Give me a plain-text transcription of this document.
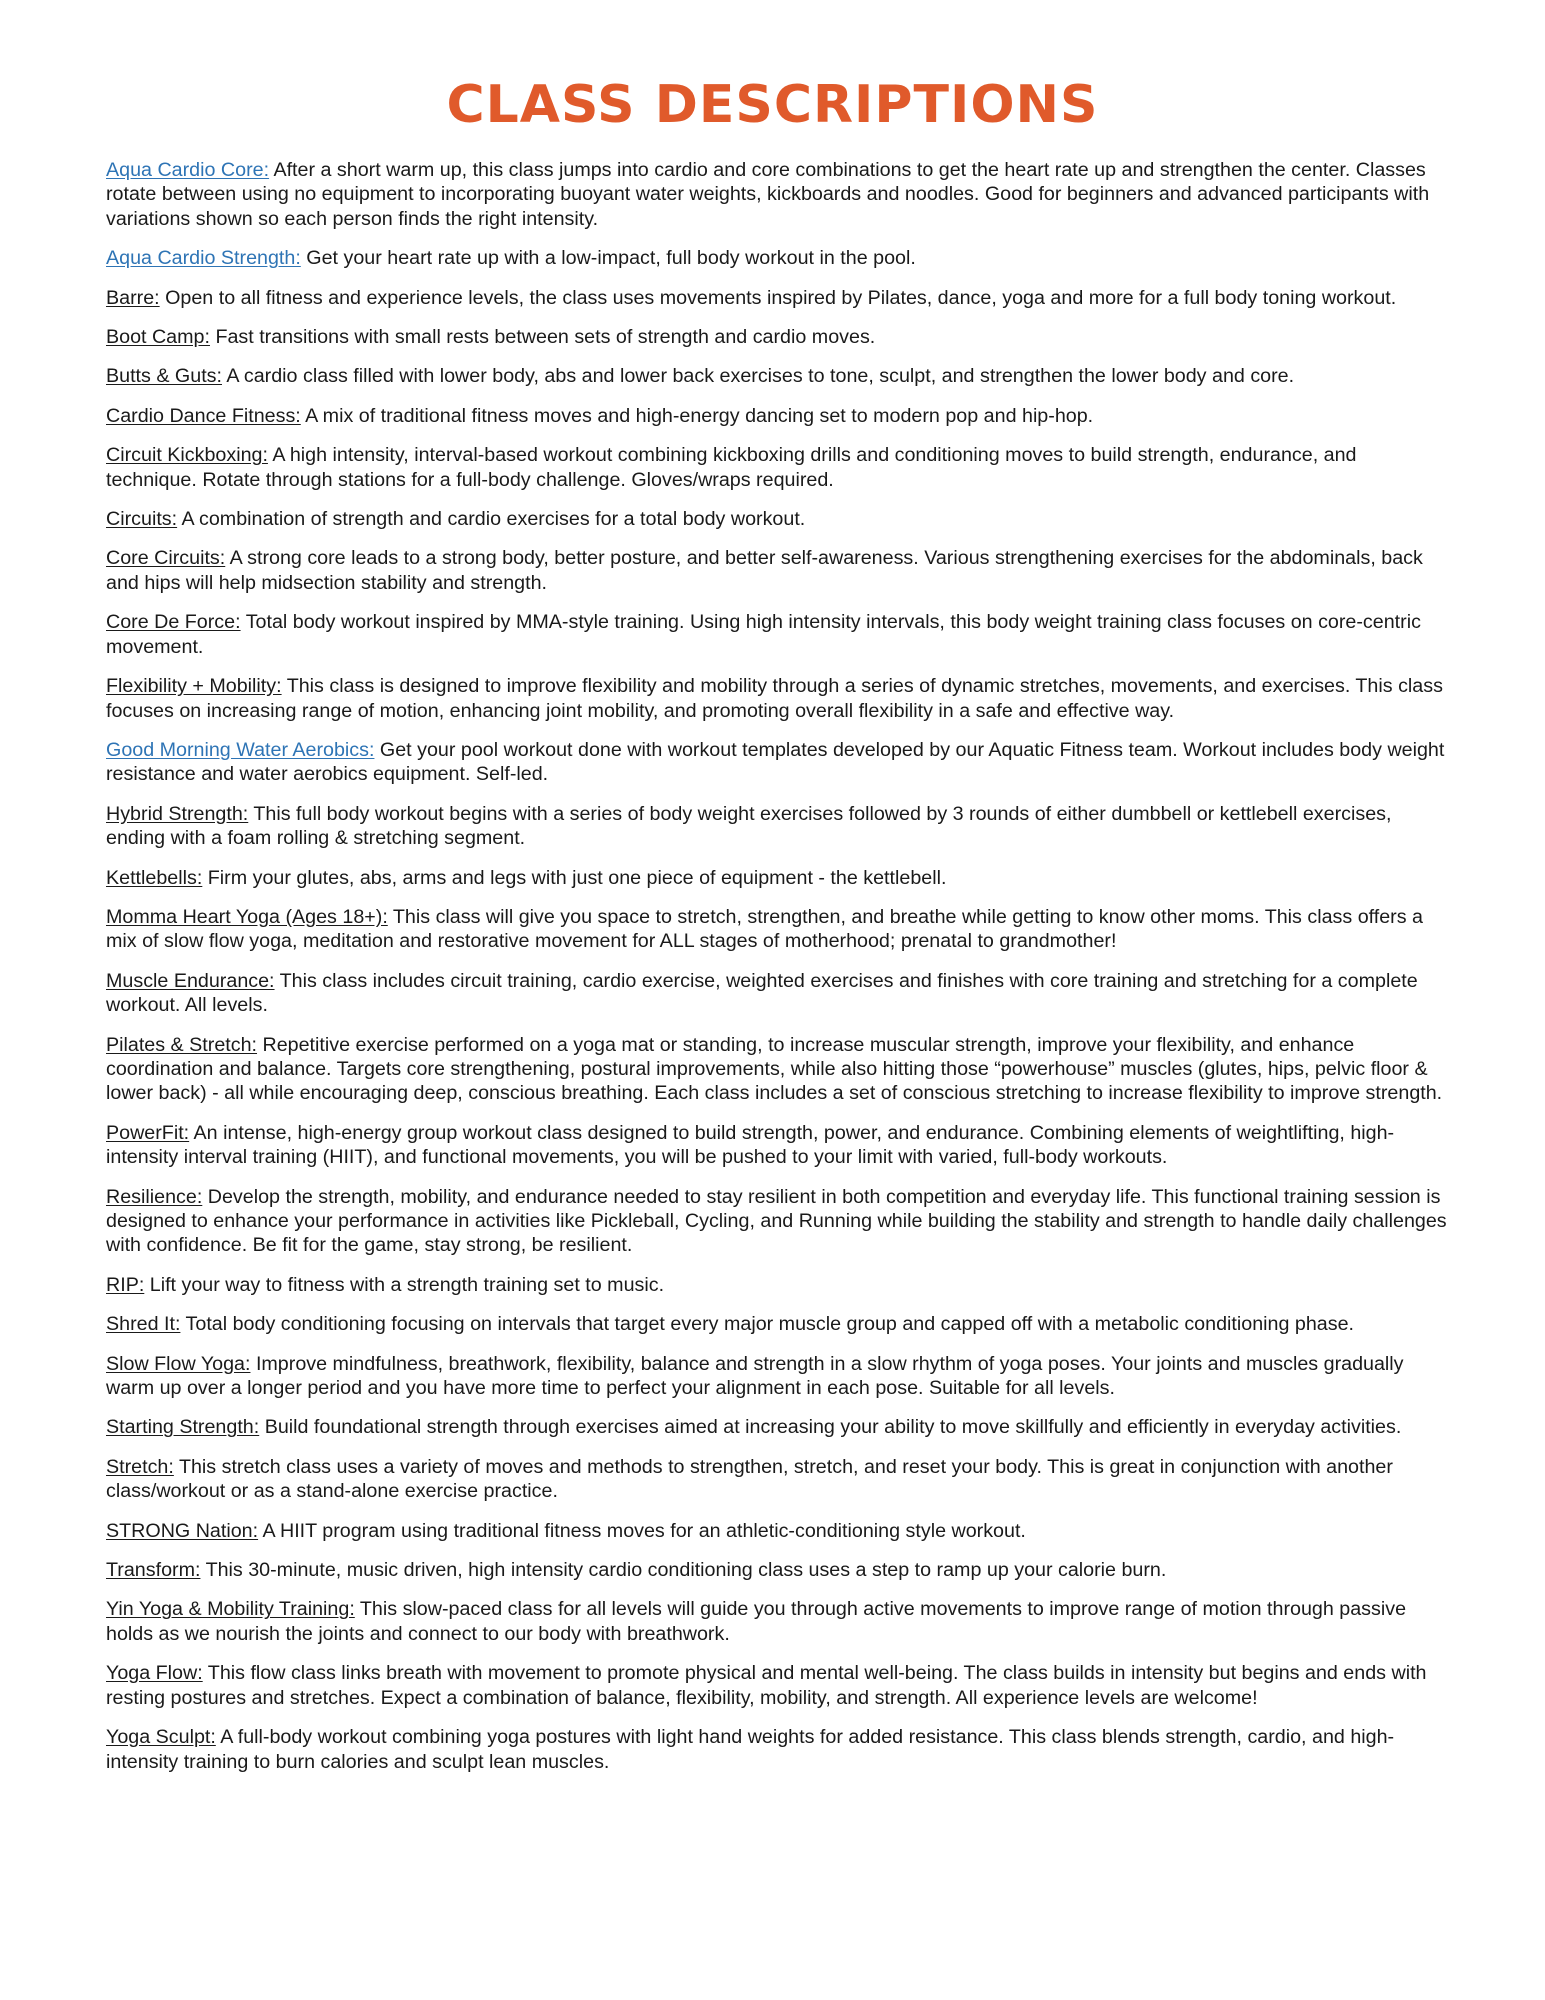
CLASS DESCRIPTIONS
Aqua Cardio Core: After a short warm up, this class jumps into cardio and core combinations to get the heart rate up and strengthen the center. Classes rotate between using no equipment to incorporating buoyant water weights, kickboards and noodles. Good for beginners and advanced participants with variations shown so each person finds the right intensity.
Aqua Cardio Strength: Get your heart rate up with a low-impact, full body workout in the pool.
Barre: Open to all fitness and experience levels, the class uses movements inspired by Pilates, dance, yoga and more for a full body toning workout.
Boot Camp: Fast transitions with small rests between sets of strength and cardio moves.
Butts & Guts: A cardio class filled with lower body, abs and lower back exercises to tone, sculpt, and strengthen the lower body and core.
Cardio Dance Fitness: A mix of traditional fitness moves and high-energy dancing set to modern pop and hip-hop.
Circuit Kickboxing: A high intensity, interval-based workout combining kickboxing drills and conditioning moves to build strength, endurance, and technique. Rotate through stations for a full-body challenge. Gloves/wraps required.
Circuits: A combination of strength and cardio exercises for a total body workout.
Core Circuits: A strong core leads to a strong body, better posture, and better self-awareness. Various strengthening exercises for the abdominals, back and hips will help midsection stability and strength.
Core De Force: Total body workout inspired by MMA-style training. Using high intensity intervals, this body weight training class focuses on core-centric movement.
Flexibility + Mobility: This class is designed to improve flexibility and mobility through a series of dynamic stretches, movements, and exercises. This class focuses on increasing range of motion, enhancing joint mobility, and promoting overall flexibility in a safe and effective way.
Good Morning Water Aerobics: Get your pool workout done with workout templates developed by our Aquatic Fitness team. Workout includes body weight resistance and water aerobics equipment. Self-led.
Hybrid Strength: This full body workout begins with a series of body weight exercises followed by 3 rounds of either dumbbell or kettlebell exercises, ending with a foam rolling & stretching segment.
Kettlebells: Firm your glutes, abs, arms and legs with just one piece of equipment - the kettlebell.
Momma Heart Yoga (Ages 18+): This class will give you space to stretch, strengthen, and breathe while getting to know other moms. This class offers a mix of slow flow yoga, meditation and restorative movement for ALL stages of motherhood; prenatal to grandmother!
Muscle Endurance: This class includes circuit training, cardio exercise, weighted exercises and finishes with core training and stretching for a complete workout. All levels.
Pilates & Stretch: Repetitive exercise performed on a yoga mat or standing, to increase muscular strength, improve your flexibility, and enhance coordination and balance. Targets core strengthening, postural improvements, while also hitting those “powerhouse” muscles (glutes, hips, pelvic floor & lower back) - all while encouraging deep, conscious breathing. Each class includes a set of conscious stretching to increase flexibility to improve strength.
PowerFit: An intense, high-energy group workout class designed to build strength, power, and endurance. Combining elements of weightlifting, high-intensity interval training (HIIT), and functional movements, you will be pushed to your limit with varied, full-body workouts.
Resilience: Develop the strength, mobility, and endurance needed to stay resilient in both competition and everyday life. This functional training session is designed to enhance your performance in activities like Pickleball, Cycling, and Running while building the stability and strength to handle daily challenges with confidence. Be fit for the game, stay strong, be resilient.
RIP: Lift your way to fitness with a strength training set to music.
Shred It: Total body conditioning focusing on intervals that target every major muscle group and capped off with a metabolic conditioning phase.
Slow Flow Yoga: Improve mindfulness, breathwork, flexibility, balance and strength in a slow rhythm of yoga poses. Your joints and muscles gradually warm up over a longer period and you have more time to perfect your alignment in each pose. Suitable for all levels.
Starting Strength: Build foundational strength through exercises aimed at increasing your ability to move skillfully and efficiently in everyday activities.
Stretch: This stretch class uses a variety of moves and methods to strengthen, stretch, and reset your body. This is great in conjunction with another class/workout or as a stand-alone exercise practice.
STRONG Nation: A HIIT program using traditional fitness moves for an athletic-conditioning style workout.
Transform: This 30-minute, music driven, high intensity cardio conditioning class uses a step to ramp up your calorie burn.
Yin Yoga & Mobility Training: This slow-paced class for all levels will guide you through active movements to improve range of motion through passive holds as we nourish the joints and connect to our body with breathwork.
Yoga Flow: This flow class links breath with movement to promote physical and mental well-being. The class builds in intensity but begins and ends with resting postures and stretches. Expect a combination of balance, flexibility, mobility, and strength. All experience levels are welcome!
Yoga Sculpt: A full-body workout combining yoga postures with light hand weights for added resistance. This class blends strength, cardio, and high-intensity training to burn calories and sculpt lean muscles.
